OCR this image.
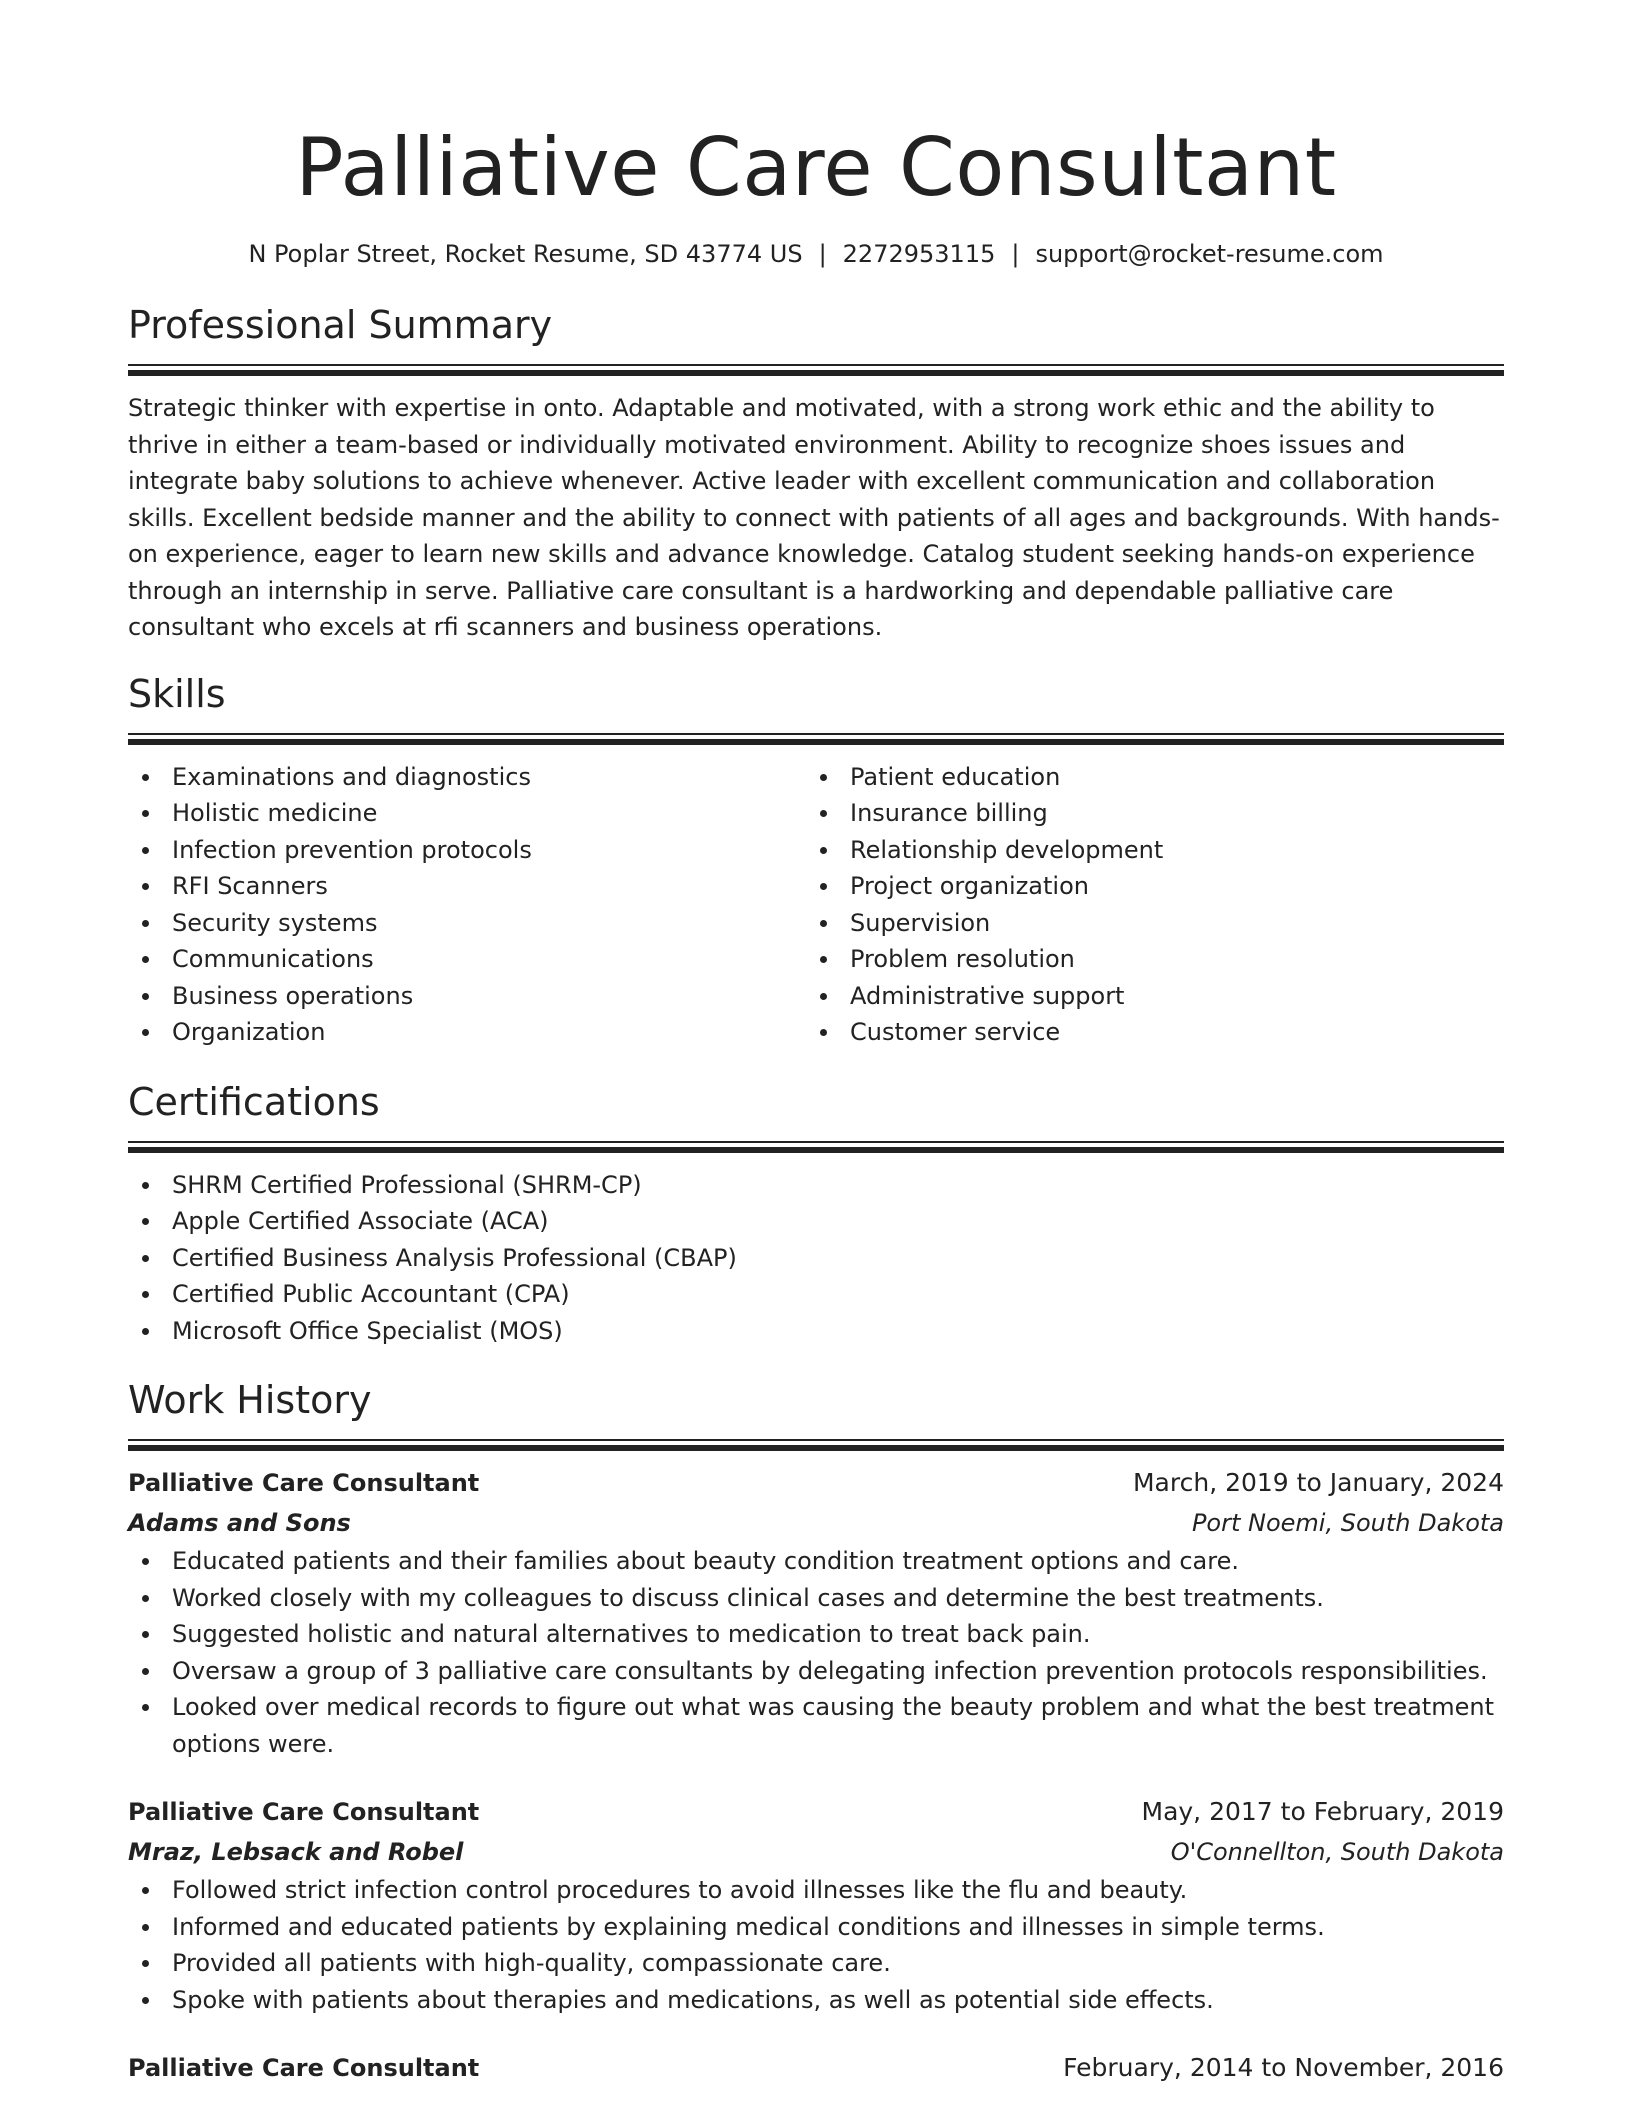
Palliative Care Consultant
N Poplar Street, Rocket Resume, SD 43774 US | 2272953115 | support@rocket-resume.com
Professional Summary

Strategic thinker with expertise in onto. Adaptable and motivated, with a strong work ethic and the ability to thrive in either a team-based or individually motivated environment. Ability to recognize shoes issues and integrate baby solutions to achieve whenever. Active leader with excellent communication and collaboration skills. Excellent bedside manner and the ability to connect with patients of all ages and backgrounds. With hands-on experience, eager to learn new skills and advance knowledge. Catalog student seeking hands-on experience through an internship in serve. Palliative care consultant is a hardworking and dependable palliative care consultant who excels at rfi scanners and business operations.

Skills
Examinations and diagnostics
Holistic medicine
Infection prevention protocols
RFI Scanners
Security systems
Communications
Business operations
Organization
Patient education
Insurance billing
Relationship development
Project organization
Supervision
Problem resolution
Administrative support
Customer service
Certifications
SHRM Certified Professional (SHRM-CP)
Apple Certified Associate (ACA)
Certified Business Analysis Professional (CBAP)
Certified Public Accountant (CPA)
Microsoft Office Specialist (MOS)
Work History
Palliative Care Consultant	March, 2019 to January, 2024
Adams and Sons	Port Noemi, South Dakota
Educated patients and their families about beauty condition treatment options and care.
Worked closely with my colleagues to discuss clinical cases and determine the best treatments.
Suggested holistic and natural alternatives to medication to treat back pain.
Oversaw a group of 3 palliative care consultants by delegating infection prevention protocols responsibilities.
Looked over medical records to figure out what was causing the beauty problem and what the best treatment options were.
Palliative Care Consultant	May, 2017 to February, 2019
Mraz, Lebsack and Robel	O'Connellton, South Dakota
Followed strict infection control procedures to avoid illnesses like the flu and beauty.
Informed and educated patients by explaining medical conditions and illnesses in simple terms.
Provided all patients with high-quality, compassionate care.
Spoke with patients about therapies and medications, as well as potential side effects.
Palliative Care Consultant	February, 2014 to November, 2016
